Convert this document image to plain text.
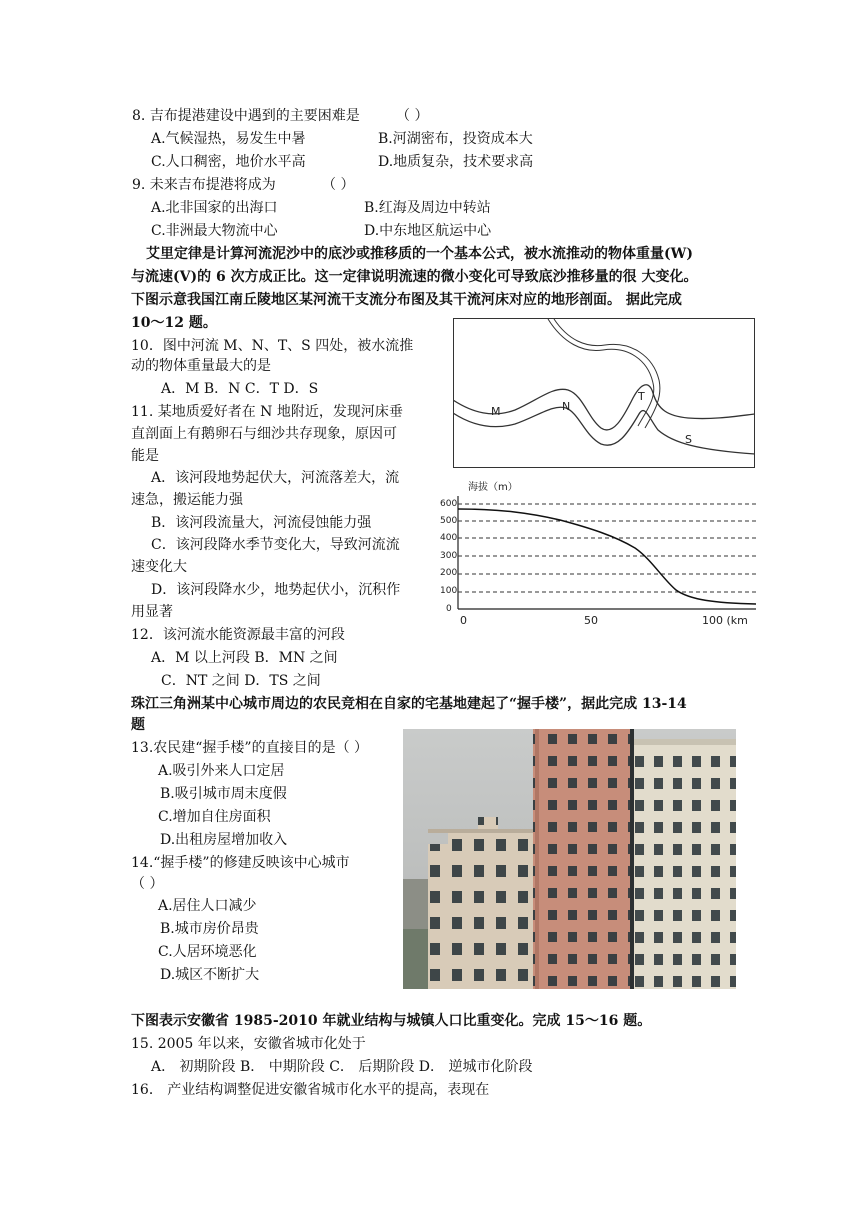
8. 吉布提港建设中遇到的主要困难是	（ ）
A.气候湿热，易发生中暑	B.河湖密布，投资成本大
C.人口稠密，地价水平高	D.地质复杂，技术要求高
9. 未来吉布提港将成为	（ ）
A.北非国家的出海口	B.红海及周边中转站
C.非洲最大物流中心	D.中东地区航运中心
艾里定律是计算河流泥沙中的底沙或推移质的一个基本公式，被水流推动的物体重量(W)
与流速(V)的 6 次方成正比。这一定律说明流速的微小变化可导致底沙推移量的很 大变化。
下图示意我国江南丘陵地区某河流干支流分布图及其干流河床对应的地形剖面。 据此完成
10～12 题。
10．图中河流 M、N、T、S 四处，被水流推
动的物体重量最大的是
A．M B．N C．T D．S
11. 某地质爱好者在 N 地附近，发现河床垂
直剖面上有鹅卵石与细沙共存现象，原因可
能是
A．该河段地势起伏大，河流落差大，流
速急，搬运能力强
B．该河段流量大，河流侵蚀能力强
C．该河段降水季节变化大，导致河流流
速变化大
D．该河段降水少，地势起伏小，沉积作
用显著
12．该河流水能资源最丰富的河段
A．M 以上河段 B．MN 之间
C．NT 之间 D．TS 之间
M	N
T
S
海拔（m）
600
500
400
300
200
100
0
0	50	100 (km
珠江三角洲某中心城市周边的农民竞相在自家的宅基地建起了“握手楼”，据此完成 13-14
题
13.农民建“握手楼”的直接目的是（ ）
A.吸引外来人口定居
B.吸引城市周末度假
C.增加自住房面积
D.出租房屋增加收入
14.“握手楼”的修建反映该中心城市
（ ）
A.居住人口减少
B.城市房价昂贵
C.人居环境恶化
D.城区不断扩大
下图表示安徽省 1985-2010 年就业结构与城镇人口比重变化。完成 15～16 题。
15. 2005 年以来，安徽省城市化处于
A． 初期阶段 B． 中期阶段 C． 后期阶段 D． 逆城市化阶段
16． 产业结构调整促进安徽省城市化水平的提高，表现在
